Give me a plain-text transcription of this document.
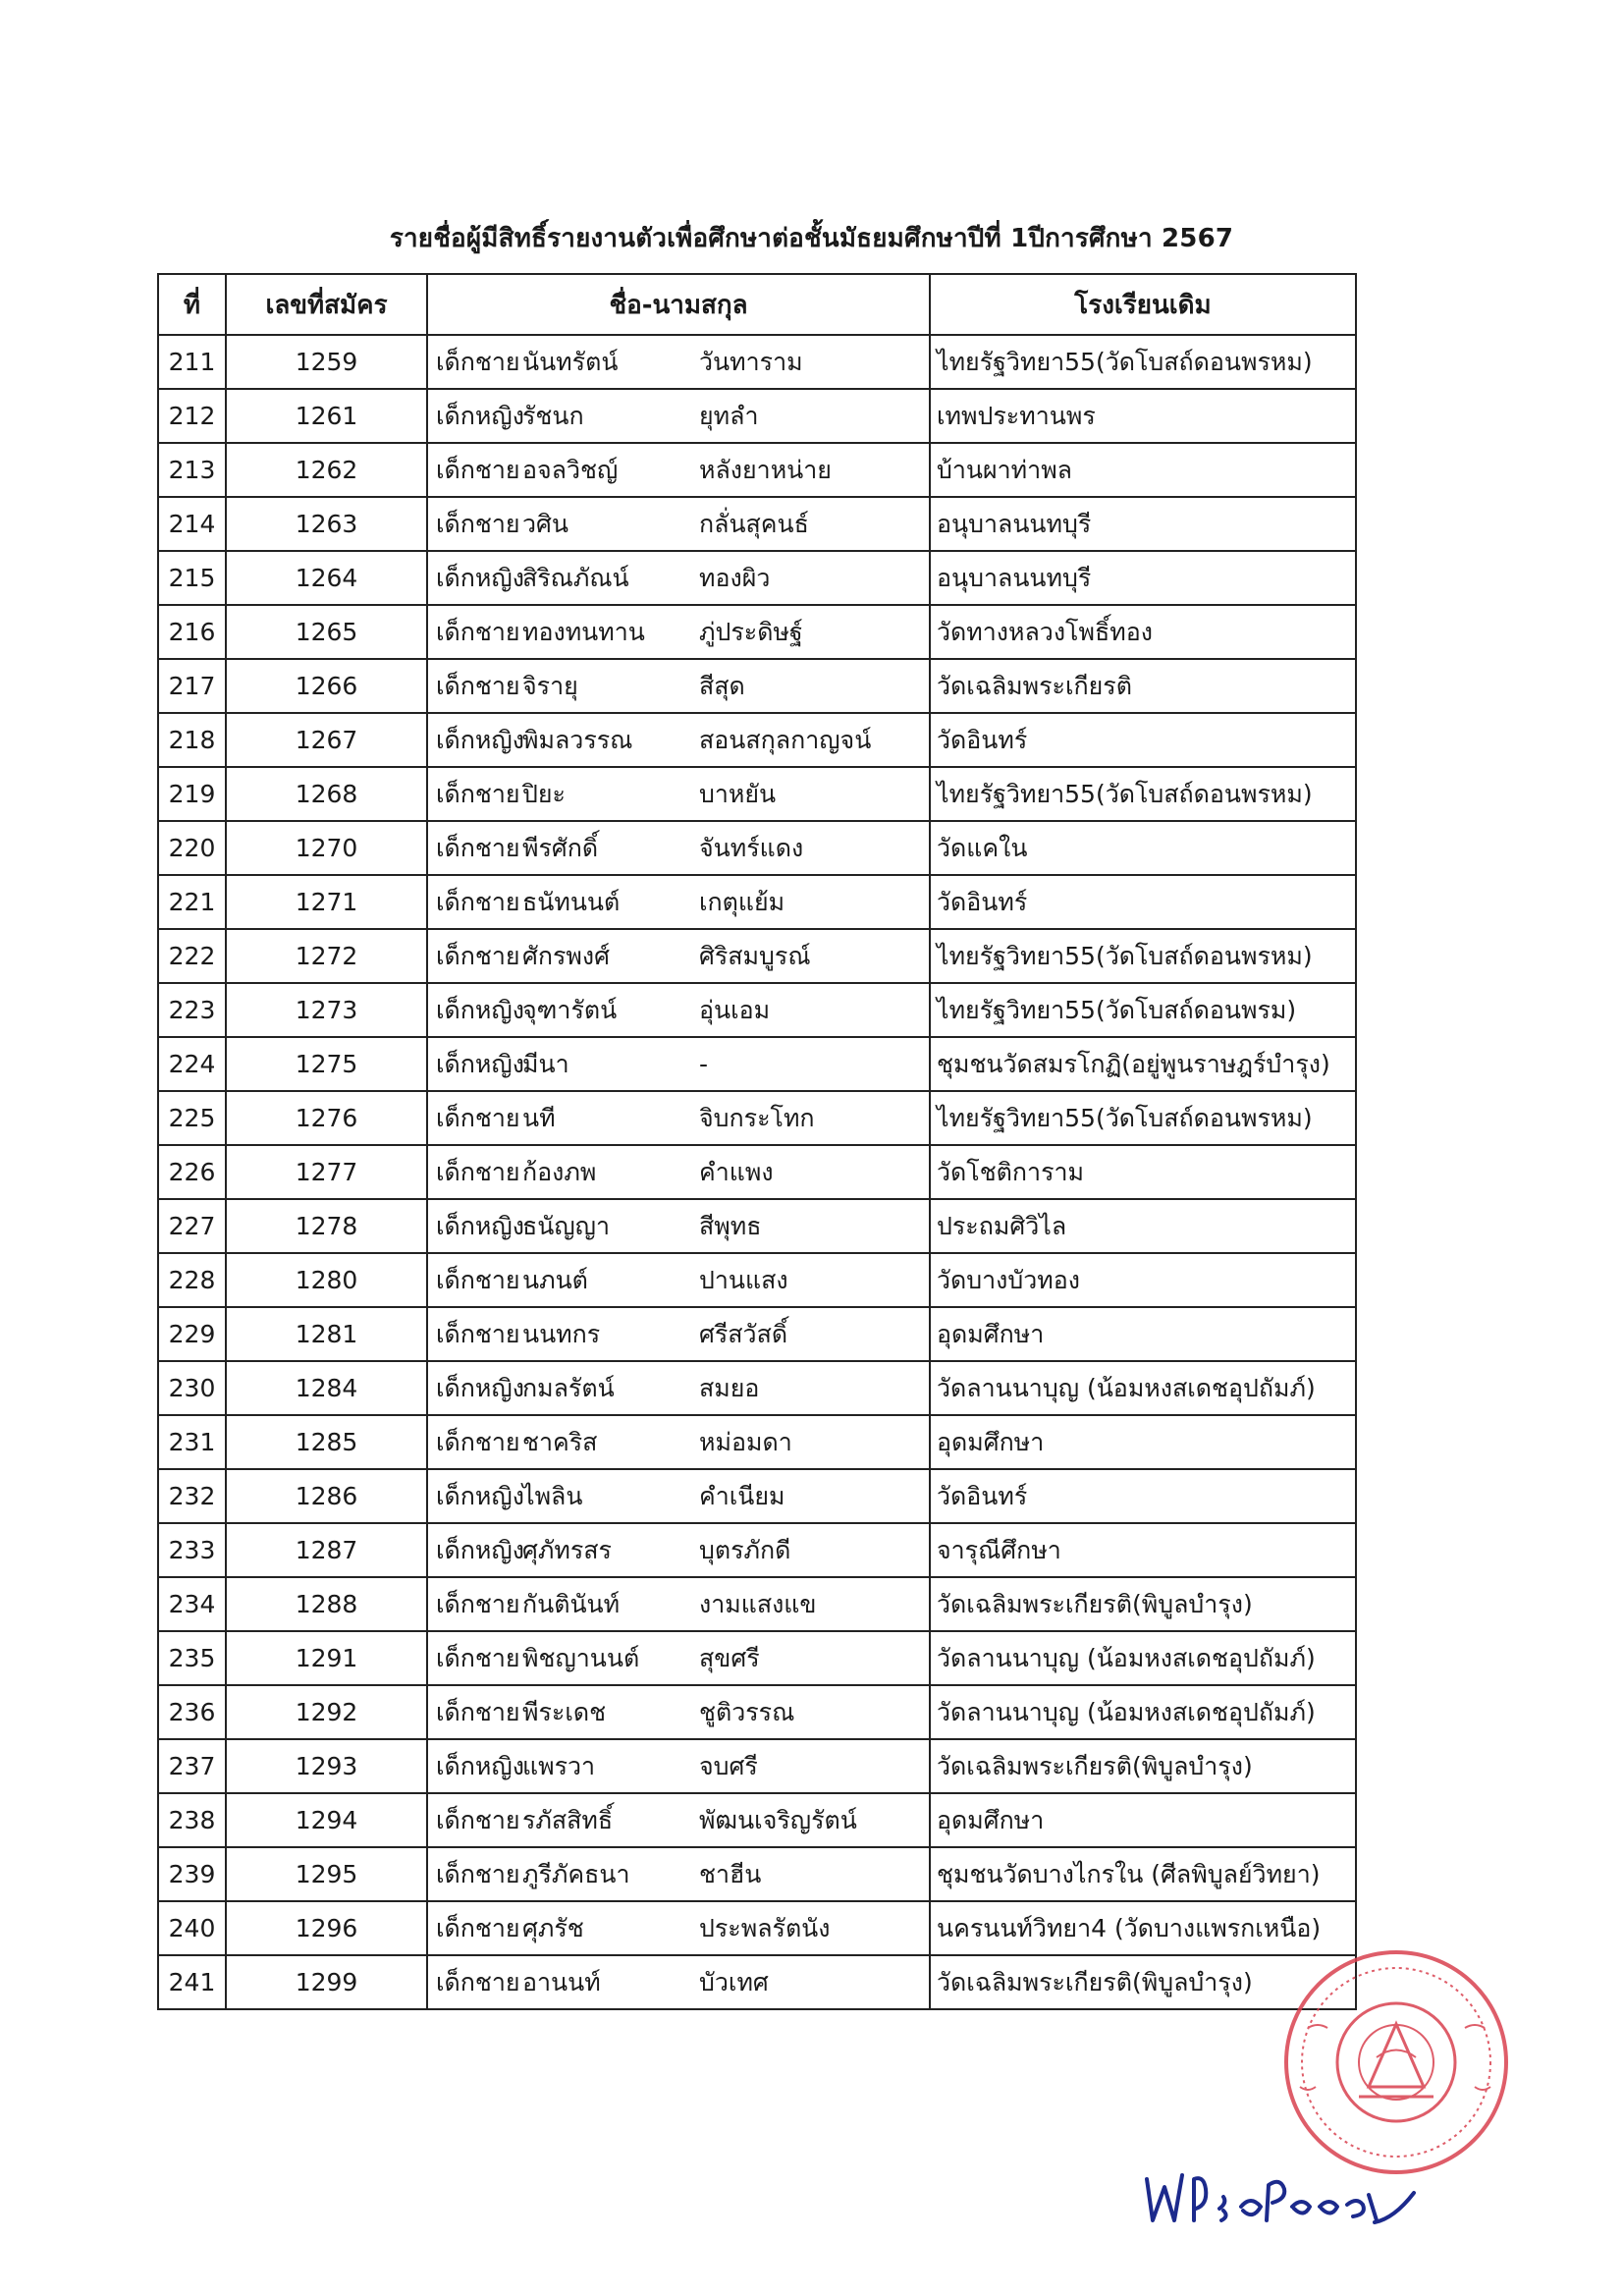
รายชื่อผู้มีสิทธิ์รายงานตัวเพื่อศึกษาต่อชั้นมัธยมศึกษาปีที่ 1ปีการศึกษา 2567
ที่	เลขที่สมัคร	ชื่อ-นามสกุล	โรงเรียนเดิม
211	1259	เด็กชายนันทรัตน์ วันทาราม	ไทยรัฐวิทยา55(วัดโบสถ์ดอนพรหม)
212	1261	เด็กหญิงรัชนก ยุทลำ	เทพประทานพร
213	1262	เด็กชายอจลวิชญ์ หลังยาหน่าย	บ้านผาท่าพล
214	1263	เด็กชายวศิน กลั่นสุคนธ์	อนุบาลนนทบุรี
215	1264	เด็กหญิงสิริณภัณน์ ทองผิว	อนุบาลนนทบุรี
216	1265	เด็กชายทองทนทาน ภู่ประดิษฐ์	วัดทางหลวงโพธิ์ทอง
217	1266	เด็กชายจิรายุ สีสุด	วัดเฉลิมพระเกียรติ
218	1267	เด็กหญิงพิมลวรรณ สอนสกุลกาญจน์	วัดอินทร์
219	1268	เด็กชายปิยะ บาหยัน	ไทยรัฐวิทยา55(วัดโบสถ์ดอนพรหม)
220	1270	เด็กชายพีรศักดิ์ จันทร์แดง	วัดแคใน
221	1271	เด็กชายธนัทนนต์ เกตุแย้ม	วัดอินทร์
222	1272	เด็กชายศักรพงศ์ ศิริสมบูรณ์	ไทยรัฐวิทยา55(วัดโบสถ์ดอนพรหม)
223	1273	เด็กหญิงจุฑารัตน์ อุ่นเอม	ไทยรัฐวิทยา55(วัดโบสถ์ดอนพรม)
224	1275	เด็กหญิงมีนา -	ชุมชนวัดสมรโกฏิ(อยู่พูนราษฎร์บำรุง)
225	1276	เด็กชายนที จิบกระโทก	ไทยรัฐวิทยา55(วัดโบสถ์ดอนพรหม)
226	1277	เด็กชายก้องภพ คำแพง	วัดโชติการาม
227	1278	เด็กหญิงธนัญญา สีพุทธ	ประถมศิวิไล
228	1280	เด็กชายนภนต์ ปานแสง	วัดบางบัวทอง
229	1281	เด็กชายนนทกร ศรีสวัสดิ์	อุดมศึกษา
230	1284	เด็กหญิงกมลรัตน์ สมยอ	วัดลานนาบุญ (น้อมหงสเดชอุปถัมภ์)
231	1285	เด็กชายชาคริส หม่อมดา	อุดมศึกษา
232	1286	เด็กหญิงไพลิน คำเนียม	วัดอินทร์
233	1287	เด็กหญิงศุภัทรสร บุตรภักดี	จารุณีศึกษา
234	1288	เด็กชายกันตินันท์ งามแสงแข	วัดเฉลิมพระเกียรติ(พิบูลบำรุง)
235	1291	เด็กชายพิชญานนต์ สุขศรี	วัดลานนาบุญ (น้อมหงสเดชอุปถัมภ์)
236	1292	เด็กชายพีระเดช ชูติวรรณ	วัดลานนาบุญ (น้อมหงสเดชอุปถัมภ์)
237	1293	เด็กหญิงแพรวา จบศรี	วัดเฉลิมพระเกียรติ(พิบูลบำรุง)
238	1294	เด็กชายรภัสสิทธิ์ พัฒนเจริญรัตน์	อุดมศึกษา
239	1295	เด็กชายภูรีภัคธนา ชาฮีน	ชุมชนวัดบางไกรใน (ศีลพิบูลย์วิทยา)
240	1296	เด็กชายศุภรัช ประพลรัตนัง	นครนนท์วิทยา4 (วัดบางแพรกเหนือ)
241	1299	เด็กชายอานนท์ บัวเทศ	วัดเฉลิมพระเกียรติ(พิบูลบำรุง)
